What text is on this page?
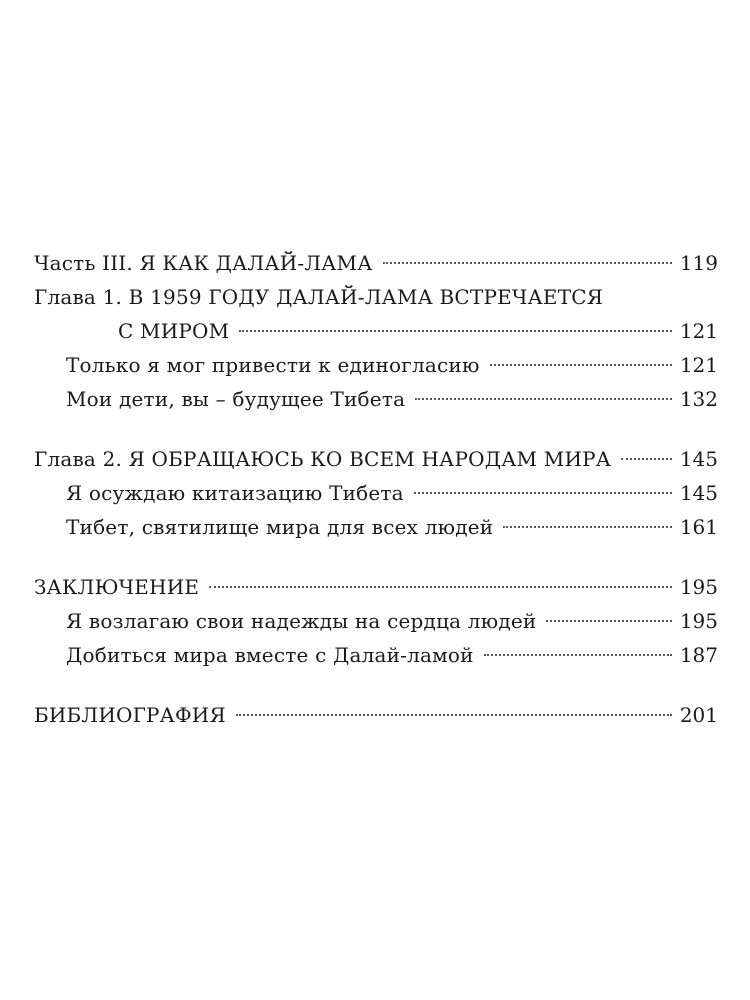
Часть III. Я КАК ДАЛАЙ-ЛАМА	119
Глава 1. В 1959 ГОДУ ДАЛАЙ-ЛАМА ВСТРЕЧАЕТСЯ
С МИРОМ	121
Только я мог привести к единогласию	121
Мои дети, вы – будущее Тибета	132
Глава 2. Я ОБРАЩАЮСЬ КО ВСЕМ НАРОДАМ МИРА	145
Я осуждаю китаизацию Тибета	145
Тибет, святилище мира для всех людей	161
ЗАКЛЮЧЕНИЕ	195
Я возлагаю свои надежды на сердца людей	195
Добиться мира вместе с Далай-ламой	187
БИБЛИОГРАФИЯ	201
